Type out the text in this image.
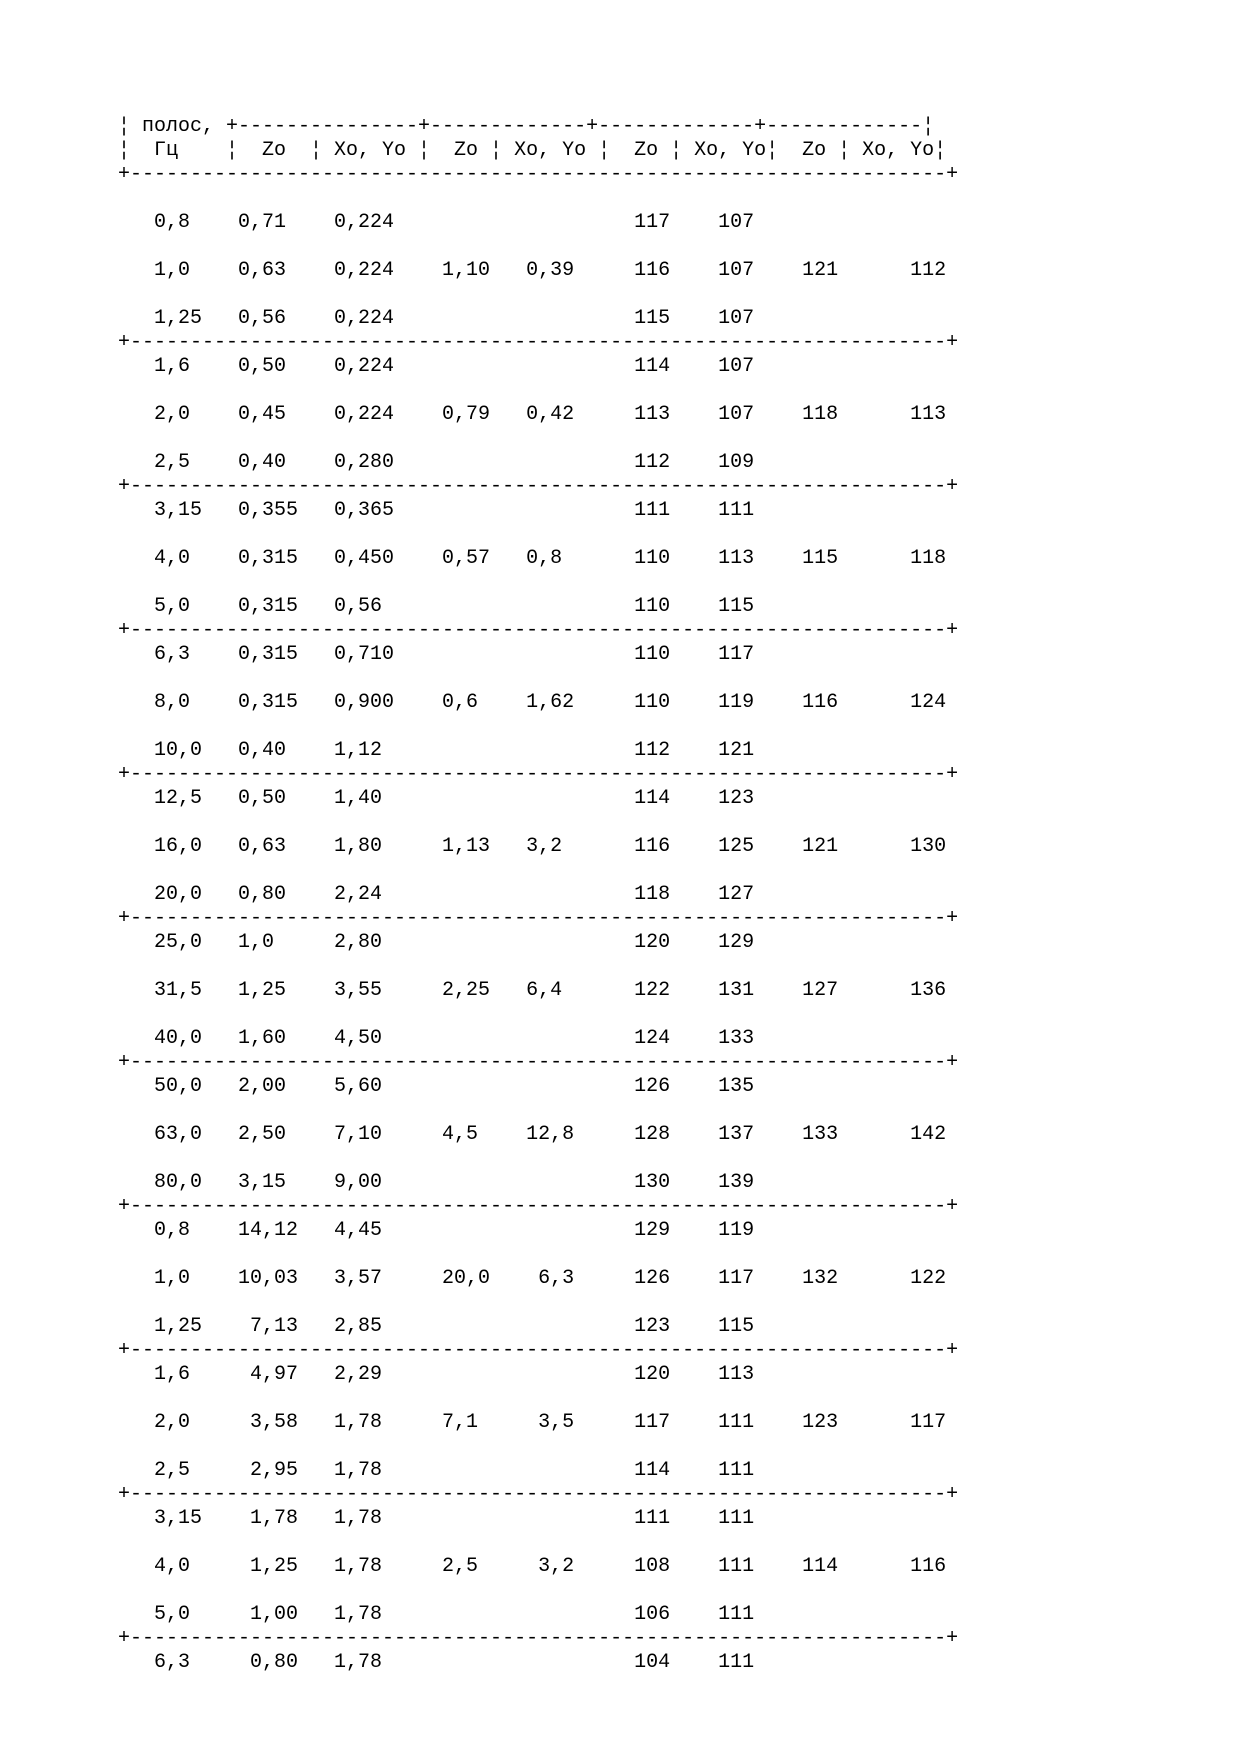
¦ полос, +---------------+-------------+-------------+-------------¦
¦  Гц    ¦  Zo  ¦ Xo, Yo ¦  Zo ¦ Xo, Yo ¦  Zo ¦ Xo, Yo¦  Zo ¦ Xo, Yo¦
+--------------------------------------------------------------------+
0,8    0,71    0,224                    117    107
1,0    0,63    0,224    1,10   0,39     116    107    121      112
1,25   0,56    0,224                    115    107
+--------------------------------------------------------------------+
1,6    0,50    0,224                    114    107
2,0    0,45    0,224    0,79   0,42     113    107    118      113
2,5    0,40    0,280                    112    109
+--------------------------------------------------------------------+
3,15   0,355   0,365                    111    111
4,0    0,315   0,450    0,57   0,8      110    113    115      118
5,0    0,315   0,56                     110    115
+--------------------------------------------------------------------+
6,3    0,315   0,710                    110    117
8,0    0,315   0,900    0,6    1,62     110    119    116      124
10,0   0,40    1,12                     112    121
+--------------------------------------------------------------------+
12,5   0,50    1,40                     114    123
16,0   0,63    1,80     1,13   3,2      116    125    121      130
20,0   0,80    2,24                     118    127
+--------------------------------------------------------------------+
25,0   1,0     2,80                     120    129
31,5   1,25    3,55     2,25   6,4      122    131    127      136
40,0   1,60    4,50                     124    133
+--------------------------------------------------------------------+
50,0   2,00    5,60                     126    135
63,0   2,50    7,10     4,5    12,8     128    137    133      142
80,0   3,15    9,00                     130    139
+--------------------------------------------------------------------+
0,8    14,12   4,45                     129    119
1,0    10,03   3,57     20,0    6,3     126    117    132      122
1,25    7,13   2,85                     123    115
+--------------------------------------------------------------------+
1,6     4,97   2,29                     120    113
2,0     3,58   1,78     7,1     3,5     117    111    123      117
2,5     2,95   1,78                     114    111
+--------------------------------------------------------------------+
3,15    1,78   1,78                     111    111
4,0     1,25   1,78     2,5     3,2     108    111    114      116
5,0     1,00   1,78                     106    111
+--------------------------------------------------------------------+
6,3     0,80   1,78                     104    111
